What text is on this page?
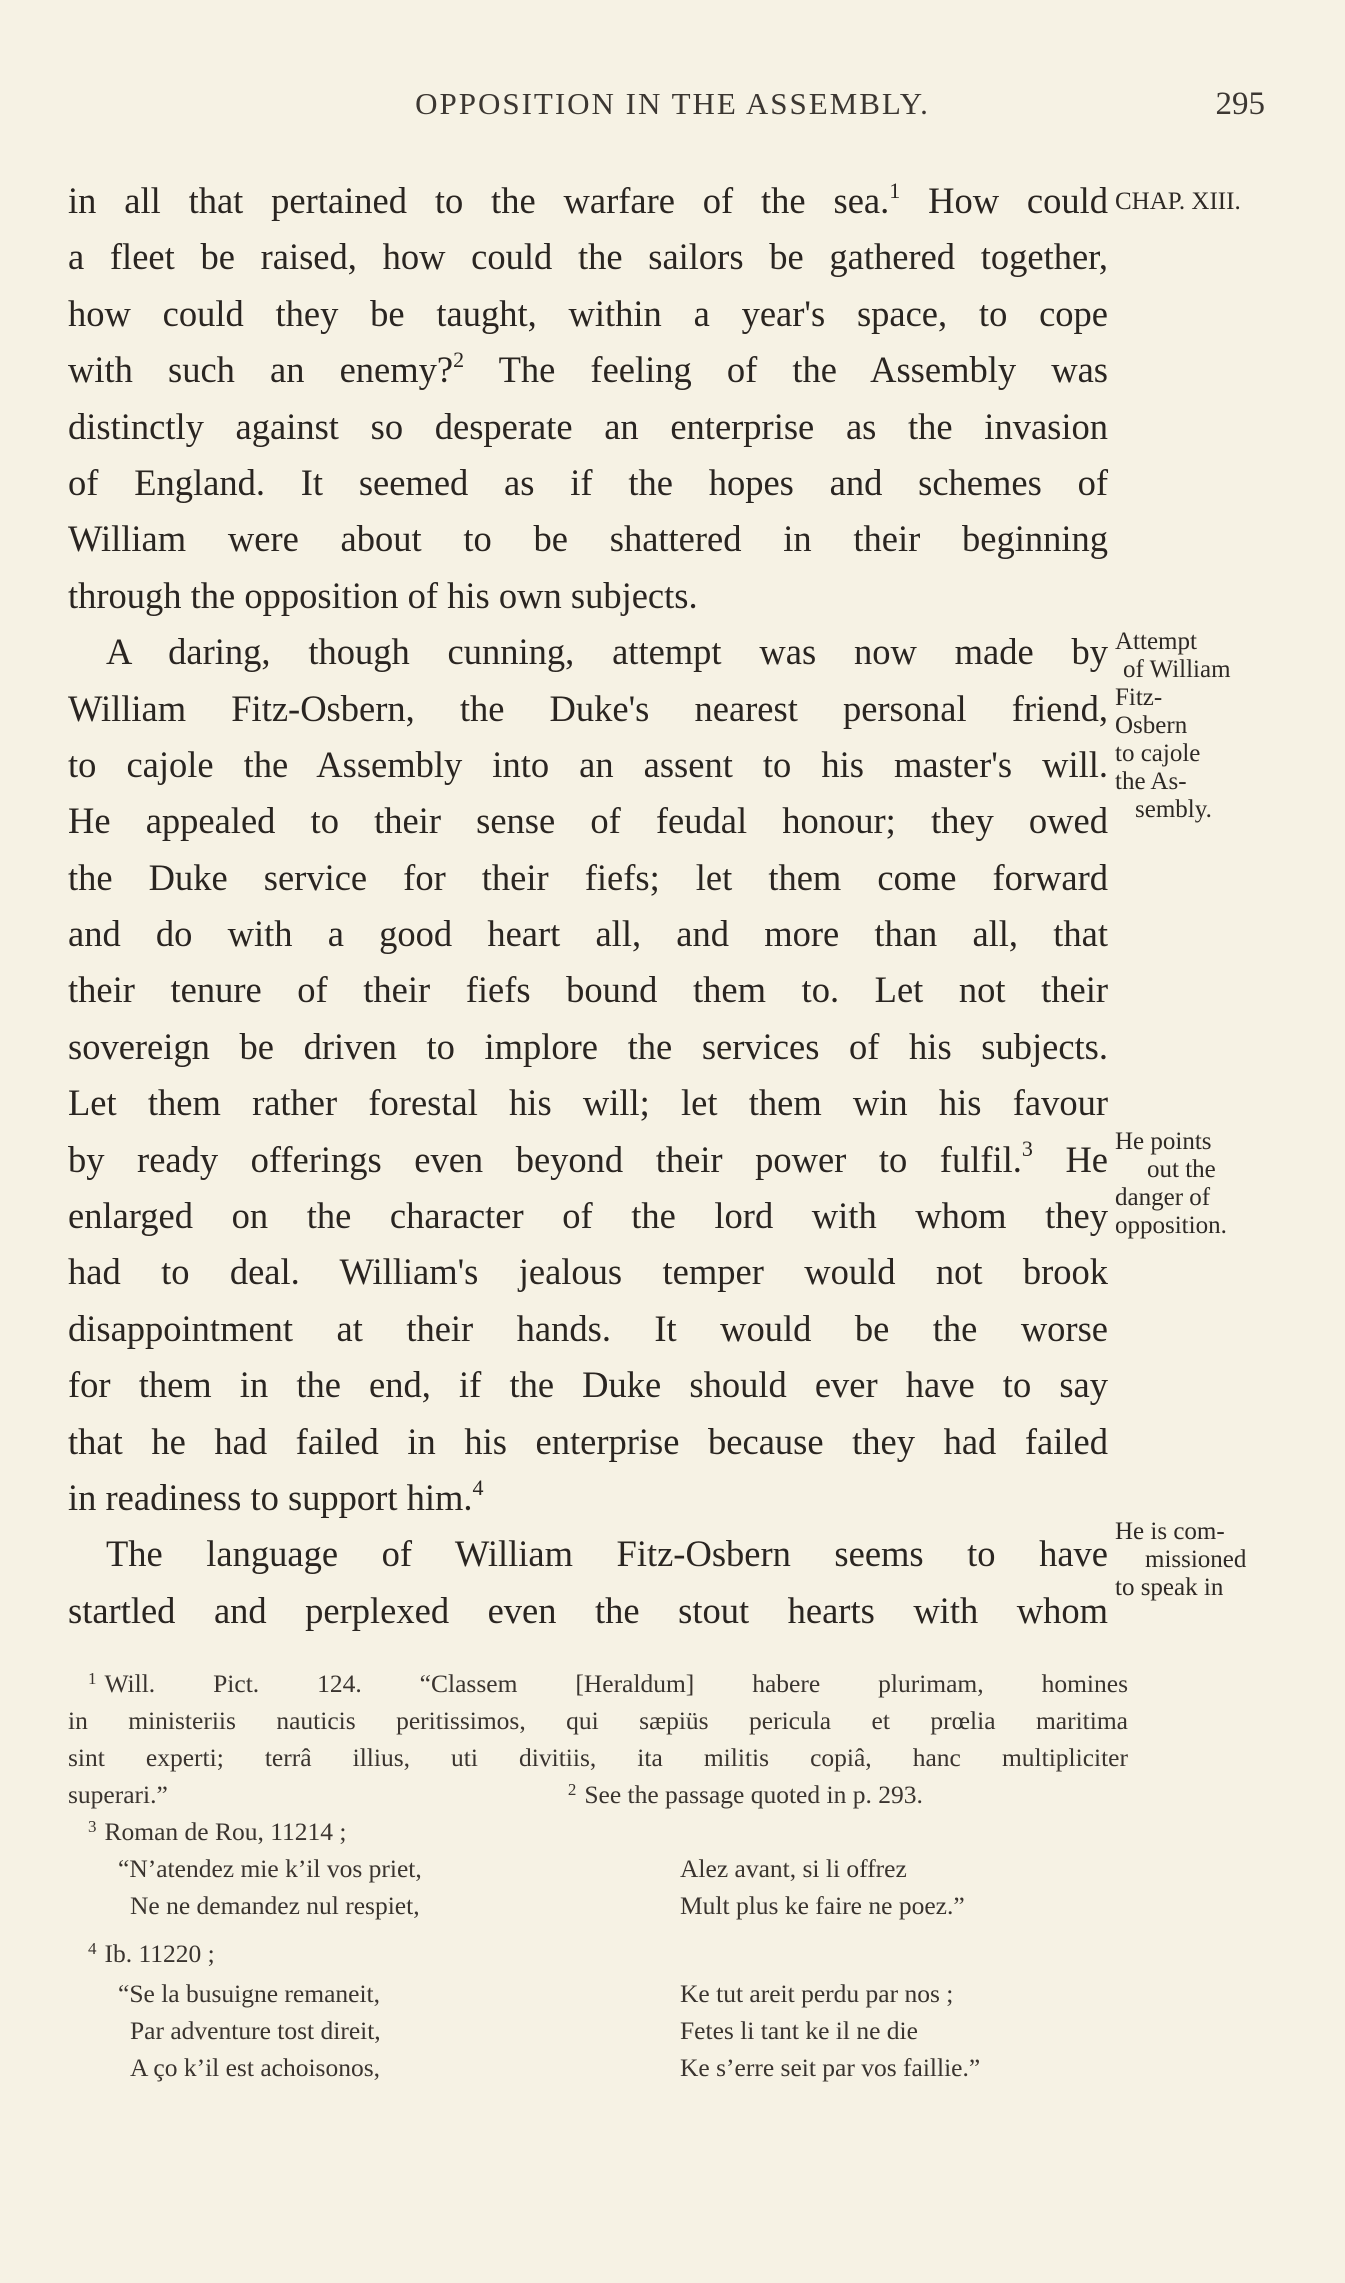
OPPOSITION IN THE ASSEMBLY.	295
in all that pertained to the warfare of the sea.$^1$ How could
a fleet be raised, how could the sailors be gathered together,
how could they be taught, within a year's space, to cope
with such an enemy?$^2$ The feeling of the Assembly was
distinctly against so desperate an enterprise as the invasion
of England. It seemed as if the hopes and schemes of
William were about to be shattered in their beginning
through the opposition of his own subjects.
A daring, though cunning, attempt was now made by
William Fitz-Osbern, the Duke's nearest personal friend,
to cajole the Assembly into an assent to his master's will.
He appealed to their sense of feudal honour; they owed
the Duke service for their fiefs; let them come forward
and do with a good heart all, and more than all, that
their tenure of their fiefs bound them to. Let not their
sovereign be driven to implore the services of his subjects.
Let them rather forestal his will; let them win his favour
by ready offerings even beyond their power to fulfil.$^3$ He
enlarged on the character of the lord with whom they
had to deal. William's jealous temper would not brook
disappointment at their hands. It would be the worse
for them in the end, if the Duke should ever have to say
that he had failed in his enterprise because they had failed
in readiness to support him.$^4$
The language of William Fitz-Osbern seems to have
startled and perplexed even the stout hearts with whom
CHAP. XIII.
Attempt
of William
Fitz-
Osbern
to cajole
the As-
sembly.
He points
out the
danger of
opposition.
He is com-
missioned
to speak in
$^1$ Will. Pict. 124. “Classem [Heraldum] habere plurimam, homines
in ministeriis nauticis peritissimos, qui sæpiüs pericula et prœlia maritima
sint experti; terrâ illius, uti divitiis, ita militis copiâ, hanc multipliciter
superari.”	$^2$ See the passage quoted in p. 293.
$^3$ Roman de Rou, 11214 ;
“N’atendez mie k’il vos priet,
Ne ne demandez nul respiet,
Alez avant, si li offrez
Mult plus ke faire ne poez.”
$^4$ Ib. 11220 ;
“Se la busuigne remaneit,
Par adventure tost direit,
A ço k’il est achoisonos,
Ke tut areit perdu par nos ;
Fetes li tant ke il ne die
Ke s’erre seit par vos faillie.”
